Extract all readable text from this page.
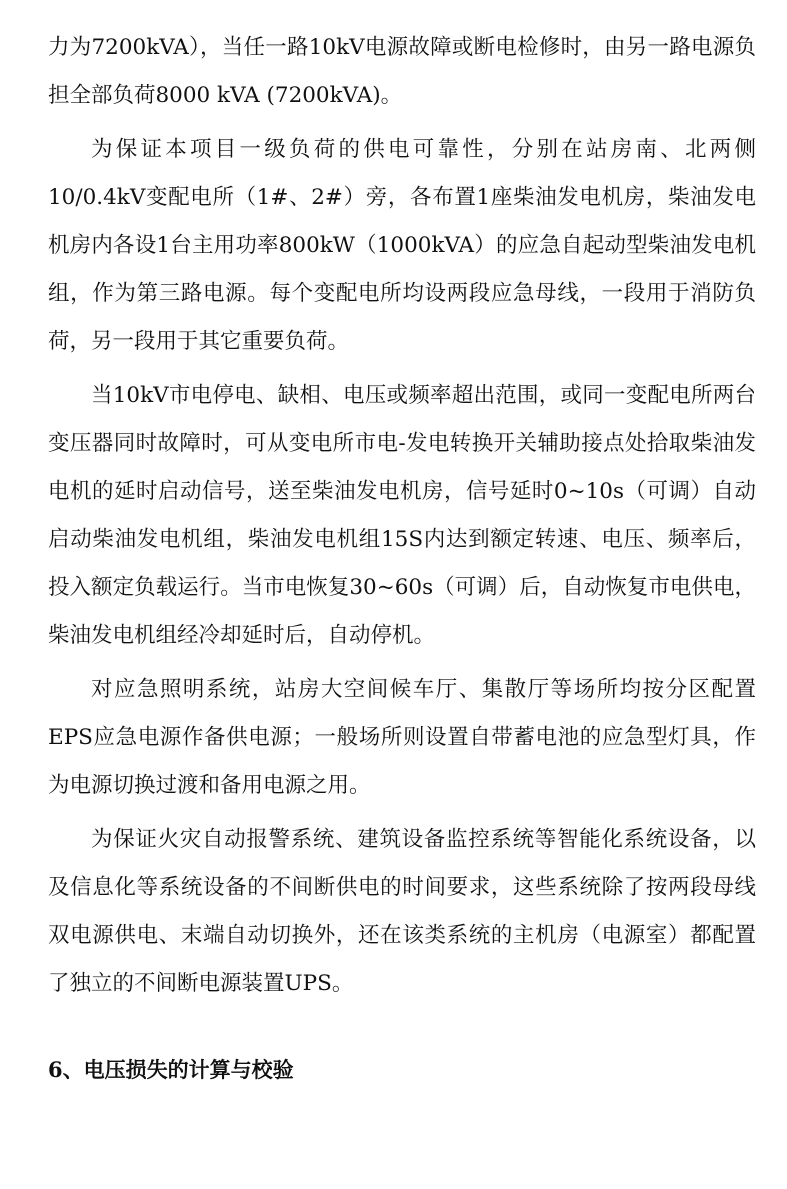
力为7200kVA），当任一路10kV电源故障或断电检修时，由另一路电源负担全部负荷8000 kVA (7200kVA)。

为保证本项目一级负荷的供电可靠性，分别在站房南、北两侧10/0.4kV变配电所（1#、2#）旁，各布置1座柴油发电机房，柴油发电机房内各设1台主用功率800kW（1000kVA）的应急自起动型柴油发电机组，作为第三路电源。每个变配电所均设两段应急母线，一段用于消防负荷，另一段用于其它重要负荷。

当10kV市电停电、缺相、电压或频率超出范围，或同一变配电所两台变压器同时故障时，可从变电所市电-发电转换开关辅助接点处拾取柴油发电机的延时启动信号，送至柴油发电机房，信号延时0~10s（可调）自动启动柴油发电机组，柴油发电机组15S内达到额定转速、电压、频率后，投入额定负载运行。当市电恢复30~60s（可调）后，自动恢复市电供电，柴油发电机组经冷却延时后，自动停机。

对应急照明系统，站房大空间候车厅、集散厅等场所均按分区配置EPS应急电源作备供电源；一般场所则设置自带蓄电池的应急型灯具，作为电源切换过渡和备用电源之用。

为保证火灾自动报警系统、建筑设备监控系统等智能化系统设备，以及信息化等系统设备的不间断供电的时间要求，这些系统除了按两段母线双电源供电、末端自动切换外，还在该类系统的主机房（电源室）都配置了独立的不间断电源装置UPS。

6、电压损失的计算与校验
